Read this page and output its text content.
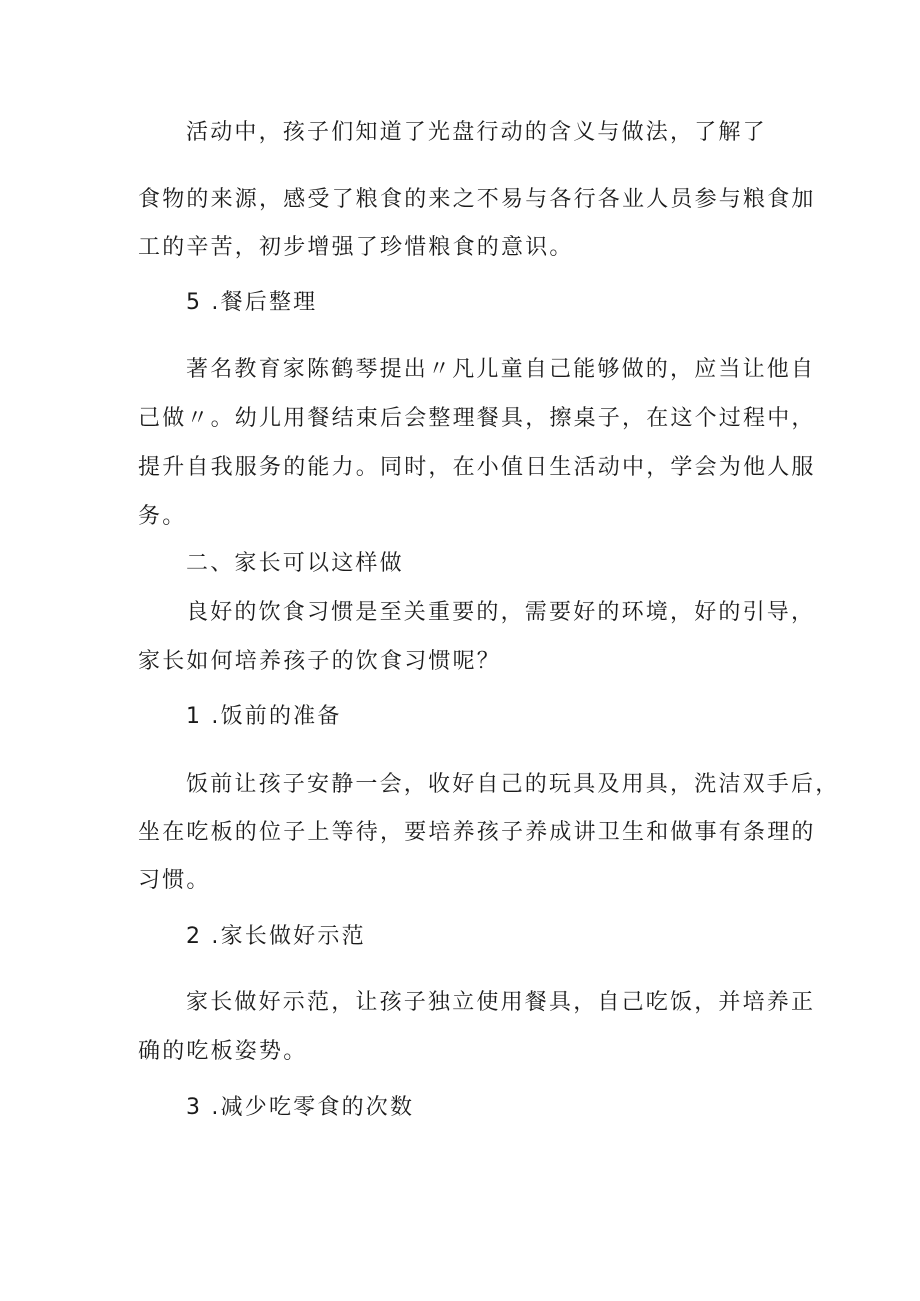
活动中，孩子们知道了光盘行动的含义与做法，了解了
食物的来源，感受了粮食的来之不易与各行各业人员参与粮食加
工的辛苦，初步增强了珍惜粮食的意识。
5 .餐后整理
著名教育家陈鹤琴提出〃凡儿童自己能够做的，应当让他自
己做〃。幼儿用餐结束后会整理餐具，擦桌子，在这个过程中，
提升自我服务的能力。同时，在小值日生活动中，学会为他人服
务。
二、家长可以这样做
良好的饮食习惯是至关重要的，需要好的环境，好的引导，
家长如何培养孩子的饮食习惯呢？
1 .饭前的准备
饭前让孩子安静一会，收好自己的玩具及用具，洗洁双手后，
坐在吃板的位子上等待，要培养孩子养成讲卫生和做事有条理的
习惯。
2 .家长做好示范
家长做好示范，让孩子独立使用餐具，自己吃饭，并培养正
确的吃板姿势。
3 .减少吃零食的次数
